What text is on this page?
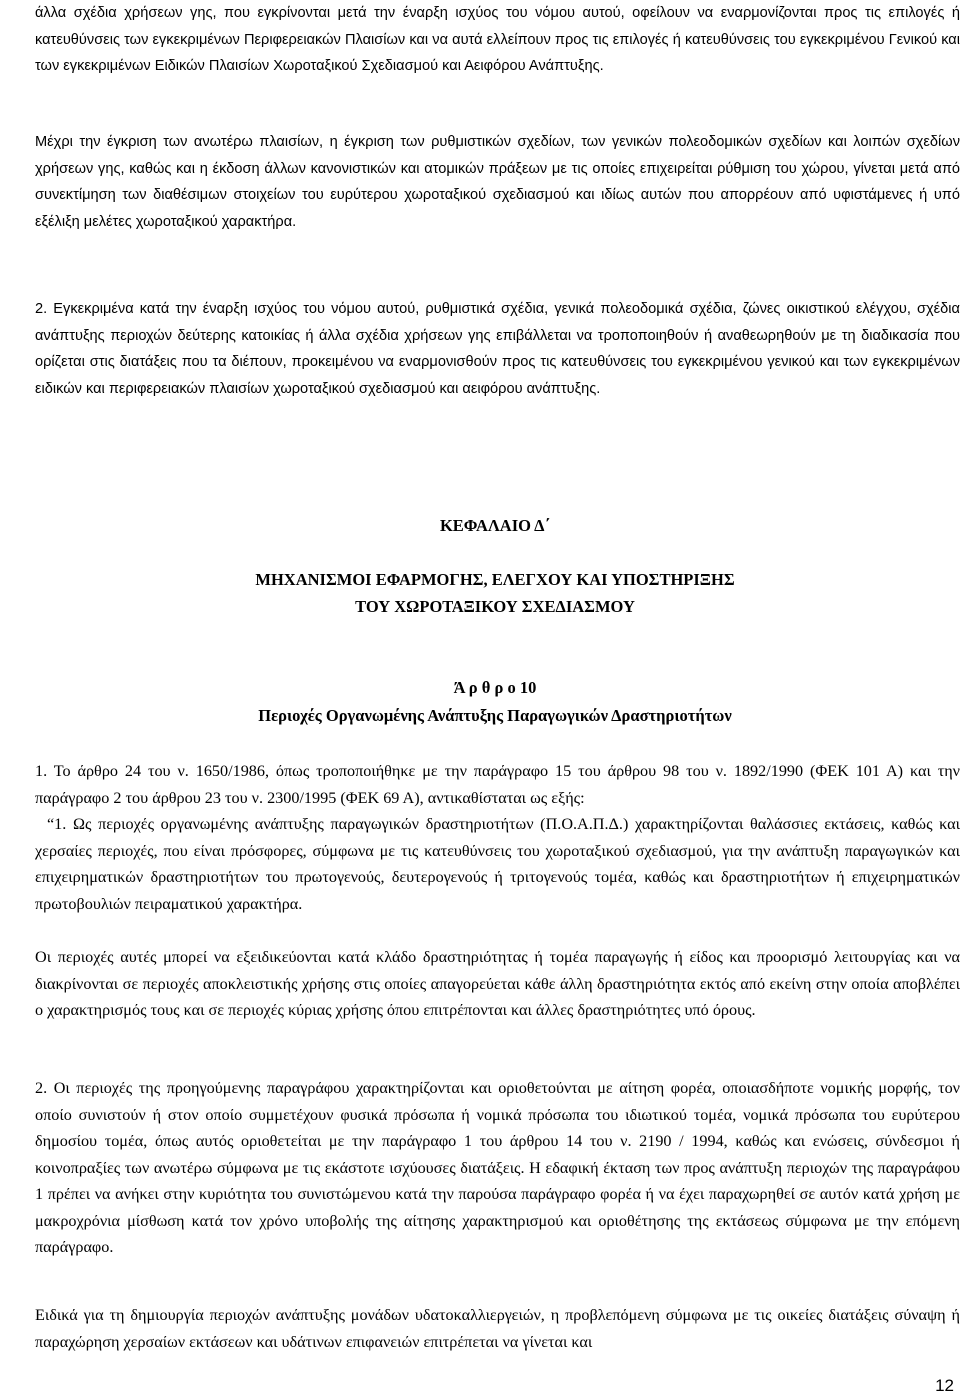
άλλα σχέδια χρήσεων γης, που εγκρίνονται μετά την έναρξη ισχύος του νόμου αυτού, οφείλουν να εναρμονίζονται προς τις επιλογές ή κατευθύνσεις των εγκεκριμένων Περιφερειακών Πλαισίων και να αυτά ελλείπουν προς τις επιλογές ή κατευθύνσεις του εγκεκριμένου Γενικού και των εγκεκριμένων Ειδικών Πλαισίων Χωροταξικού Σχεδιασμού και Αειφόρου Ανάπτυξης.

Μέχρι την έγκριση των ανωτέρω πλαισίων, η έγκριση των ρυθμιστικών σχεδίων, των γενικών πολεοδομικών σχεδίων και λοιπών σχεδίων χρήσεων γης, καθώς και η έκδοση άλλων κανονιστικών και ατομικών πράξεων με τις οποίες επιχειρείται ρύθμιση του χώρου, γίνεται μετά από συνεκτίμηση των διαθέσιμων στοιχείων του ευρύτερου χωροταξικού σχεδιασμού και ιδίως αυτών που απορρέουν από υφιστάμενες ή υπό εξέλιξη μελέτες χωροταξικού χαρακτήρα.

2. Εγκεκριμένα κατά την έναρξη ισχύος του νόμου αυτού, ρυθμιστικά σχέδια, γενικά πολεοδομικά σχέδια, ζώνες οικιστικού ελέγχου, σχέδια ανάπτυξης περιοχών δεύτερης κατοικίας ή άλλα σχέδια χρήσεων γης επιβάλλεται να τροποποιηθούν ή αναθεωρηθούν με τη διαδικασία που ορίζεται στις διατάξεις που τα διέπουν, προκειμένου να εναρμονισθούν προς τις κατευθύνσεις του εγκεκριμένου γενικού και των εγκεκριμένων ειδικών και περιφερειακών πλαισίων χωροταξικού σχεδιασμού και αειφόρου ανάπτυξης.

ΚΕΦΑΛΑΙΟ Δ΄
ΜΗΧΑΝΙΣΜΟΙ ΕΦΑΡΜΟΓΗΣ, ΕΛΕΓΧΟΥ ΚΑΙ ΥΠΟΣΤΗΡΙΞΗΣ
ΤΟΥ ΧΩΡΟΤΑΞΙΚΟΥ ΣΧΕΔΙΑΣΜΟΥ
Ά ρ θ ρ ο 10
Περιοχές Οργανωμένης Ανάπτυξης Παραγωγικών Δραστηριοτήτων

1. Το άρθρο 24 του ν. 1650/1986, όπως τροποποιήθηκε με την παράγραφο 15 του άρθρου 98 του ν. 1892/1990 (ΦΕΚ 101 Α) και την παράγραφο 2 του άρθρου 23 του ν. 2300/1995 (ΦΕΚ 69 Α), αντικαθίσταται ως εξής:

“1. Ως περιοχές οργανωμένης ανάπτυξης παραγωγικών δραστηριοτήτων (Π.Ο.Α.Π.Δ.) χαρακτηρίζονται θαλάσσιες εκτάσεις, καθώς και χερσαίες περιοχές, που είναι πρόσφορες, σύμφωνα με τις κατευθύνσεις του χωροταξικού σχεδιασμού, για την ανάπτυξη παραγωγικών και επιχειρηματικών δραστηριοτήτων του πρωτογενούς, δευτερογενούς ή τριτογενούς τομέα, καθώς και δραστηριοτήτων ή επιχειρηματικών πρωτοβουλιών πειραματικού χαρακτήρα.

Οι περιοχές αυτές μπορεί να εξειδικεύονται κατά κλάδο δραστηριότητας ή τομέα παραγωγής ή είδος και προορισμό λειτουργίας και να διακρίνονται σε περιοχές αποκλειστικής χρήσης στις οποίες απαγορεύεται κάθε άλλη δραστηριότητα εκτός από εκείνη στην οποία αποβλέπει ο χαρακτηρισμός τους και σε περιοχές κύριας χρήσης όπου επιτρέπονται και άλλες δραστηριότητες υπό όρους.

2. Οι περιοχές της προηγούμενης παραγράφου χαρακτηρίζονται και οριοθετούνται με αίτηση φορέα, οποιασδήποτε νομικής μορφής, τον οποίο συνιστούν ή στον οποίο συμμετέχουν φυσικά πρόσωπα ή νομικά πρόσωπα του ιδιωτικού τομέα, νομικά πρόσωπα του ευρύτερου δημοσίου τομέα, όπως αυτός οριοθετείται με την παράγραφο 1 του άρθρου 14 του ν. 2190 / 1994, καθώς και ενώσεις, σύνδεσμοι ή κοινοπραξίες των ανωτέρω σύμφωνα με τις εκάστοτε ισχύουσες διατάξεις. Η εδαφική έκταση των προς ανάπτυξη περιοχών της παραγράφου 1 πρέπει να ανήκει στην κυριότητα του συνιστώμενου κατά την παρούσα παράγραφο φορέα ή να έχει παραχωρηθεί σε αυτόν κατά χρήση με μακροχρόνια μίσθωση κατά τον χρόνο υποβολής της αίτησης χαρακτηρισμού και οριοθέτησης της εκτάσεως σύμφωνα με την επόμενη παράγραφο.

Ειδικά για τη δημιουργία περιοχών ανάπτυξης μονάδων υδατοκαλλιεργειών, η προβλεπόμενη σύμφωνα με τις οικείες διατάξεις σύναψη ή παραχώρηση χερσαίων εκτάσεων και υδάτινων επιφανειών επιτρέπεται να γίνεται και

12
